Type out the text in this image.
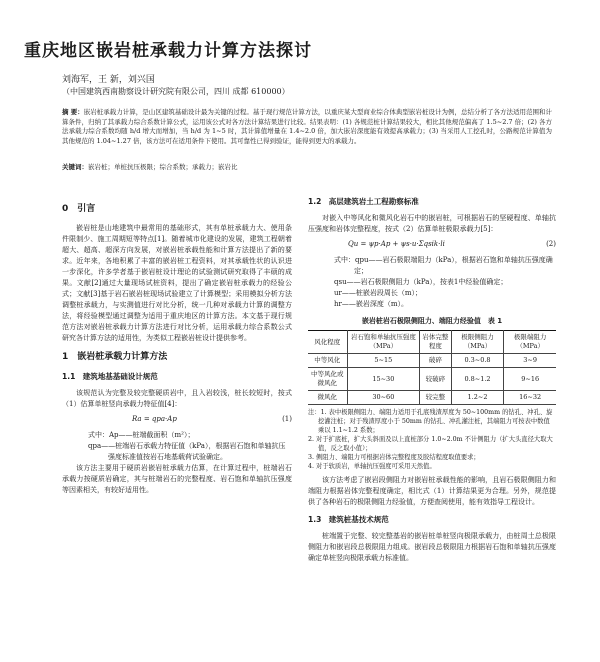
重庆地区嵌岩桩承载力计算方法探讨
刘海军，王 新，刘兴国
（中国建筑西南勘察设计研究院有限公司，四川 成都 610000）
摘 要：嵌岩桩承载力计算，是山区建筑基础设计最为关键的过程。基于现行规范计算方法，以重庆某大型商业综合体典型嵌岩桩设计为例，总结分析了各方法适用范围和计算条件，归纳了其承载力综合系数计算公式，运用该公式对各方法计算结果进行比较。结果表明：(1) 各规范桩计算结果较大，相比其他规范偏高了 1.5~2.7 倍；(2) 各方法承载力综合系数均随 h/d 增大而增加，当 h/d 为 1~5 时，其计算值增量在 1.4~2.0 倍，加大嵌岩深度能有效提高承载力；(3) 当采用人工挖孔时，公路规范计算值为其他规范的 1.04~1.27 倍，该方法可在适用条件下使用。其可靠性已得到验证，能得到更大的承载力。
关键词：嵌岩桩；单桩抗压极限；综合系数；承载力；嵌岩比
0　引言

嵌岩桩是山地建筑中最常用的基础形式，其有单桩承载力大、使用条件限制少、施工周期短等特点[1]。随着城市化建设的发展，建筑工程朝着超大、超高、超深方向发展，对嵌岩桩承载性能和计算方法提出了新的要求。近年来，各地积累了丰富的嵌岩桩工程资料，对其承载性状的认识进一步深化，许多学者基于嵌岩桩设计理论的试验测试研究取得了丰硕的成果。文献[2]通过大量现场试桩资料，提出了确定嵌岩桩承载力的经验公式；文献[3]基于岩石嵌岩桩现场试验建立了计算模型；采用模拟分析方法调整桩承载力，与实测值进行对比分析，统一几种对承载力计算的调整方法，将经验模型通过调整为适用于重庆地区的计算方法。本文基于现行规范方法对嵌岩桩承载力计算方法进行对比分析，运用承载力综合系数公式研究各计算方法的适用性，为类似工程嵌岩桩设计提供参考。

1　嵌岩桩承载力计算方法
1.1　建筑地基基础设计规范

该规范认为完整及较完整硬质岩中，且入岩较浅，桩长较短时，按式（1）估算单桩竖向承载力特征值[4]：

Ra = qpa·Ap	(1)
式中：Ap——桩端截面积（m²）；
qpa——桩端岩石承载力特征值（kPa），根据岩石饱和单轴抗压强度标准值按岩石地基载荷试验确定。

该方法主要用于硬质岩嵌岩桩承载力估算，在计算过程中，桩端岩石承载力按硬质岩确定，其与桩端岩石的完整程度、岩石饱和单轴抗压强度等因素相关，有较好适用性。

1.2　高层建筑岩土工程勘察标准

对嵌入中等风化和微风化岩石中的嵌岩桩，可根据岩石的坚硬程度、单轴抗压强度和岩体完整程度，按式（2）估算单桩极限承载力[5]：

Qu = ψp·Ap + ψs·u·Σqsik·li	(2)
式中：qpu——岩石极限端阻力（kPa），根据岩石饱和单轴抗压强度确定；
qsu——岩石极限侧阻力（kPa），按表1中经验值确定；
ur——桩嵌岩段周长（m）；
hr——嵌岩深度（m）。
嵌岩桩岩石极限侧阻力、端阻力经验值　表 1
风化程度	岩石饱和单轴抗压强度（MPa）	岩体完整程度	极限侧阻力（MPa）	极限端阻力（MPa）
中等风化	5~15	破碎	0.3~0.8	3~9
中等风化或微风化	15~30	较破碎	0.8~1.2	9~16
微风化	30~60	较完整	1.2~2	16~32
注：1. 表中极限侧阻力、端阻力适用于孔底残渣厚度为 50~100mm 的钻孔、冲孔、旋挖灌注桩；对于残渣厚度小于 50mm 的钻孔、冲孔灌注桩，其端阻力可按表中数值乘以 1.1~1.2 系数；
2. 对于扩底桩，扩大头斜面及以上直桩部分 1.0~2.0m 不计侧阻力（扩大头直径大取大值，反之取小值）；
3. 侧阻力、端阻力可根据岩体完整程度及胶结程度取值要求；
4. 对于软质岩，单轴抗压强度可采用天然值。

该方法考虑了嵌岩段侧阻力对嵌岩桩承载性能的影响，且岩石极限侧阻力和端阻力根据岩体完整程度确定，相比式（1）计算结果更为合理。另外，规范提供了各种岩石的极限侧阻力经验值，方便查阅使用，能有效指导工程设计。

1.3　建筑桩基技术规范

桩端置于完整、较完整基岩的嵌岩桩单桩竖向极限承载力，由桩周土总极限侧阻力和嵌岩段总极限阻力组成。嵌岩段总极限阻力根据岩石饱和单轴抗压强度确定单桩竖向极限承载力标准值。
